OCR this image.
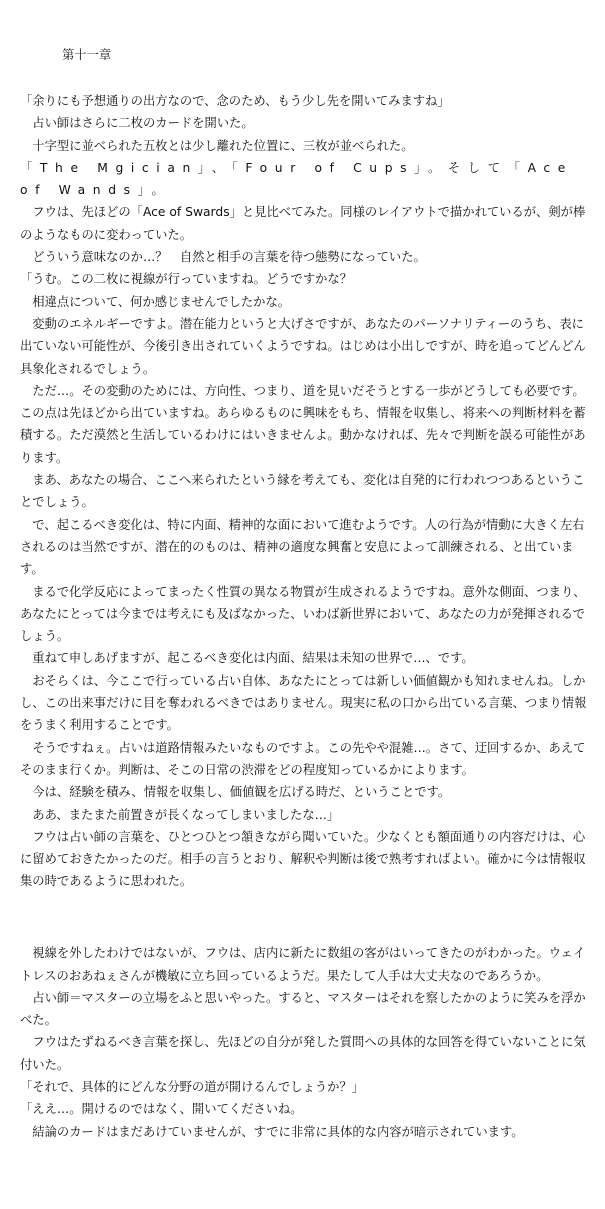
第十一章

「余りにも予想通りの出方なので、念のため、もう少し先を開いてみますね」

占い師はさらに二枚のカードを開いた。

十字型に並べられた五枚とは少し離れた位置に、三枚が並べられた。

「The Mgician」、「Four of Cups」。そして「Ace of Wands」。

フウは、先ほどの「Ace of Swards」と見比べてみた。同様のレイアウトで描かれているが、剣が棒のようなものに変わっていた。

どういう意味なのか…？　自然と相手の言葉を待つ態勢になっていた。

「うむ。この二枚に視線が行っていますね。どうですかな？

相違点について、何か感じませんでしたかな。

変動のエネルギーですよ。潜在能力というと大げさですが、あなたのパーソナリティーのうち、表に出ていない可能性が、今後引き出されていくようですね。はじめは小出しですが、時を追ってどんどん具象化されるでしょう。

ただ…。その変動のためには、方向性、つまり、道を見いだそうとする一歩がどうしても必要です。この点は先ほどから出ていますね。あらゆるものに興味をもち、情報を収集し、将来への判断材料を蓄積する。ただ漠然と生活しているわけにはいきませんよ。動かなければ、先々で判断を誤る可能性があります。

まあ、あなたの場合、ここへ来られたという縁を考えても、変化は自発的に行われつつあるということでしょう。

で、起こるべき変化は、特に内面、精神的な面において進むようです。人の行為が情動に大きく左右されるのは当然ですが、潜在的のものは、精神の適度な興奮と安息によって訓練される、と出ています。

まるで化学反応によってまったく性質の異なる物質が生成されるようですね。意外な側面、つまり、あなたにとっては今までは考えにも及ばなかった、いわば新世界において、あなたの力が発揮されるでしょう。

重ねて申しあげますが、起こるべき変化は内面、結果は未知の世界で…、です。

おそらくは、今ここで行っている占い自体、あなたにとっては新しい価値観かも知れませんね。しかし、この出来事だけに目を奪われるべきではありません。現実に私の口から出ている言葉、つまり情報をうまく利用することです。

そうですねぇ。占いは道路情報みたいなものですよ。この先やや混雑…。さて、迂回するか、あえてそのまま行くか。判断は、そこの日常の渋滞をどの程度知っているかによります。

今は、経験を積み、情報を収集し、価値観を広げる時だ、ということです。

ああ、またまた前置きが長くなってしまいましたな…」

フウは占い師の言葉を、ひとつひとつ頷きながら聞いていた。少なくとも額面通りの内容だけは、心に留めておきたかったのだ。相手の言うとおり、解釈や判断は後で熟考すればよい。確かに今は情報収集の時であるように思われた。

視線を外したわけではないが、フウは、店内に新たに数組の客がはいってきたのがわかった。ウェイトレスのおあねぇさんが機敏に立ち回っているようだ。果たして人手は大丈夫なのであろうか。

占い師＝マスターの立場をふと思いやった。すると、マスターはそれを察したかのように笑みを浮かべた。

フウはたずねるべき言葉を探し、先ほどの自分が発した質問への具体的な回答を得ていないことに気付いた。

「それで、具体的にどんな分野の道が開けるんでしょうか？」

「ええ…。開けるのではなく、開いてくださいね。

結論のカードはまだあけていませんが、すでに非常に具体的な内容が暗示されています。
